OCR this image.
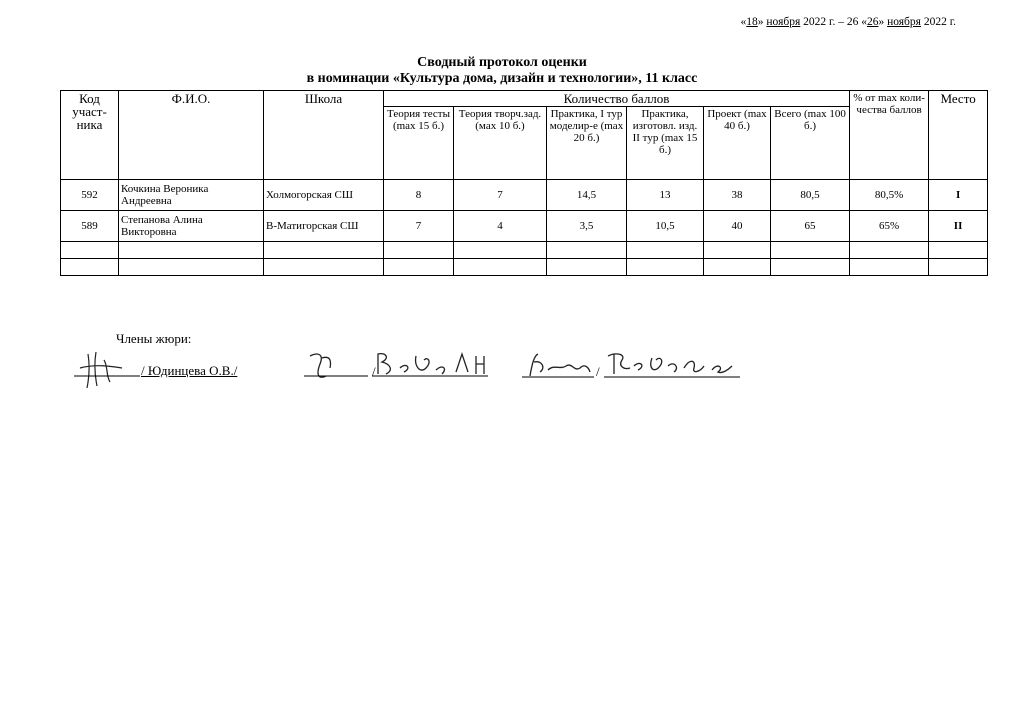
«18» ноября 2022 г. – 26 «26» ноября 2022 г.
Сводный протокол оценки
в номинации «Культура дома, дизайн и технологии», 11 класс
Код участ-ника	Ф.И.О.	Школа	Количество баллов						% от max коли-чества баллов	Место
			Теория тесты (max 15 б.)	Теория творч.зад. (мах 10 б.)	Практика, I тур моделир-е (max 20 б.)	Практика, изготовл. изд. II тур (max 15 б.)	Проект (max 40 б.)	Всего (max 100 б.)		
592	Кочкина Вероника Андреевна	Холмогорская СШ	8	7	14,5	13	38	80,5	80,5%	I
589	Степанова Алина Викторовна	В-Матигорская СШ	7	4	3,5	10,5	40	65	65%	II

Члены жюри:
/	/
/ Юдинцева О.В./
